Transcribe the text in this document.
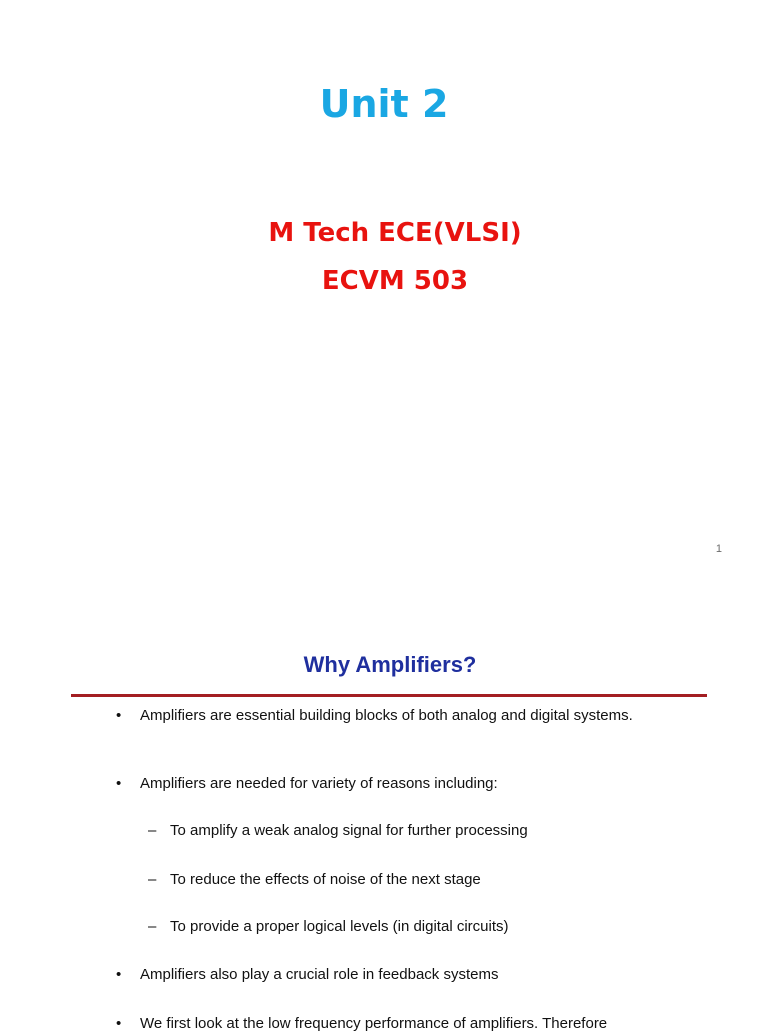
Unit 2
M Tech ECE(VLSI)
ECVM 503
1
Why Amplifiers?
• Amplifiers are essential building blocks of both analog and digital systems.
• Amplifiers are needed for variety of reasons including:
– To amplify a weak analog signal for further processing
– To reduce the effects of noise of the next stage
– To provide a proper logical levels (in digital circuits)
• Amplifiers also play a crucial role in feedback systems
• We first look at the low frequency performance of amplifiers. Therefore
